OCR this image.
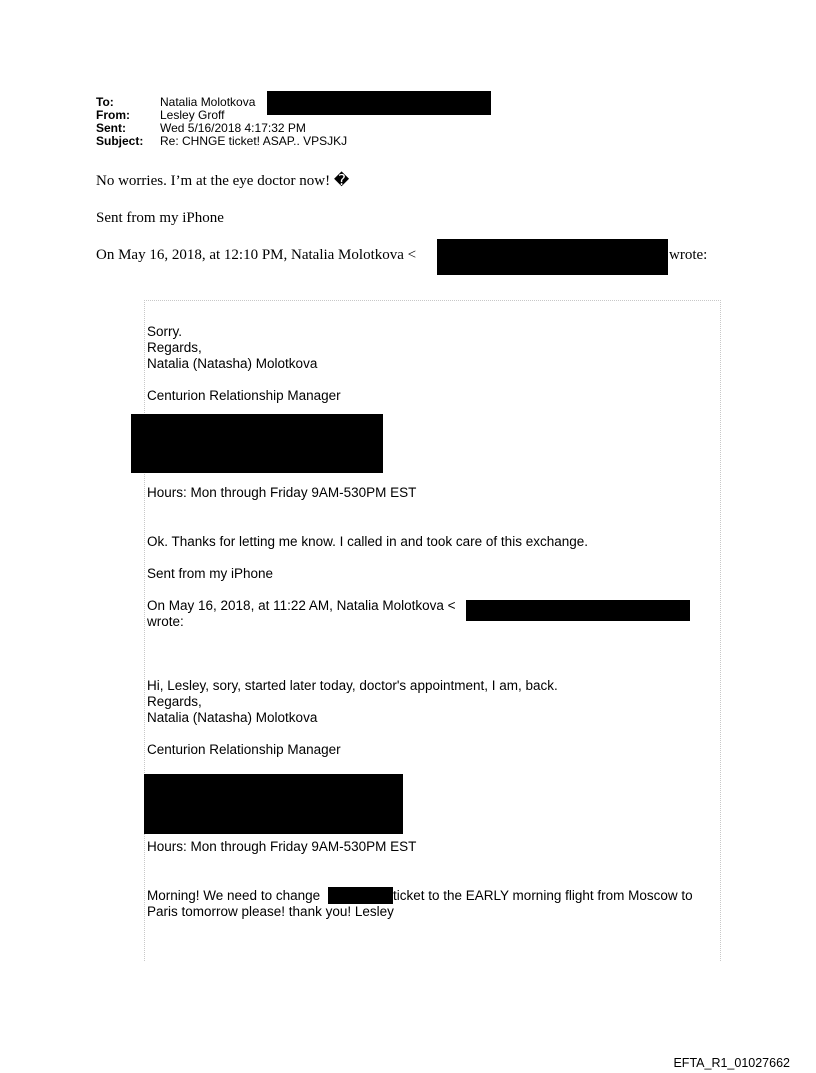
To:	Natalia Molotkova
From:	Lesley Groff
Sent:	Wed 5/16/2018 4:17:32 PM
Subject: Re: CHNGE ticket! ASAP.. VPSJKJ
No worries. I’m at the eye doctor now! �
Sent from my iPhone
On May 16, 2018, at 12:10 PM, Natalia Molotkova <	wrote:
Sorry.
Regards,
Natalia (Natasha) Molotkova
Centurion Relationship Manager
Hours: Mon through Friday 9AM-530PM EST
Ok. Thanks for letting me know. I called in and took care of this exchange.
Sent from my iPhone
On May 16, 2018, at 11:22 AM, Natalia Molotkova <
wrote:
Hi, Lesley, sory, started later today, doctor's appointment, I am, back.
Regards,
Natalia (Natasha) Molotkova
Centurion Relationship Manager
Hours: Mon through Friday 9AM-530PM EST
Morning! We need to change	ticket to the EARLY morning flight from Moscow to
Paris tomorrow please! thank you! Lesley
EFTA_R1_01027662
